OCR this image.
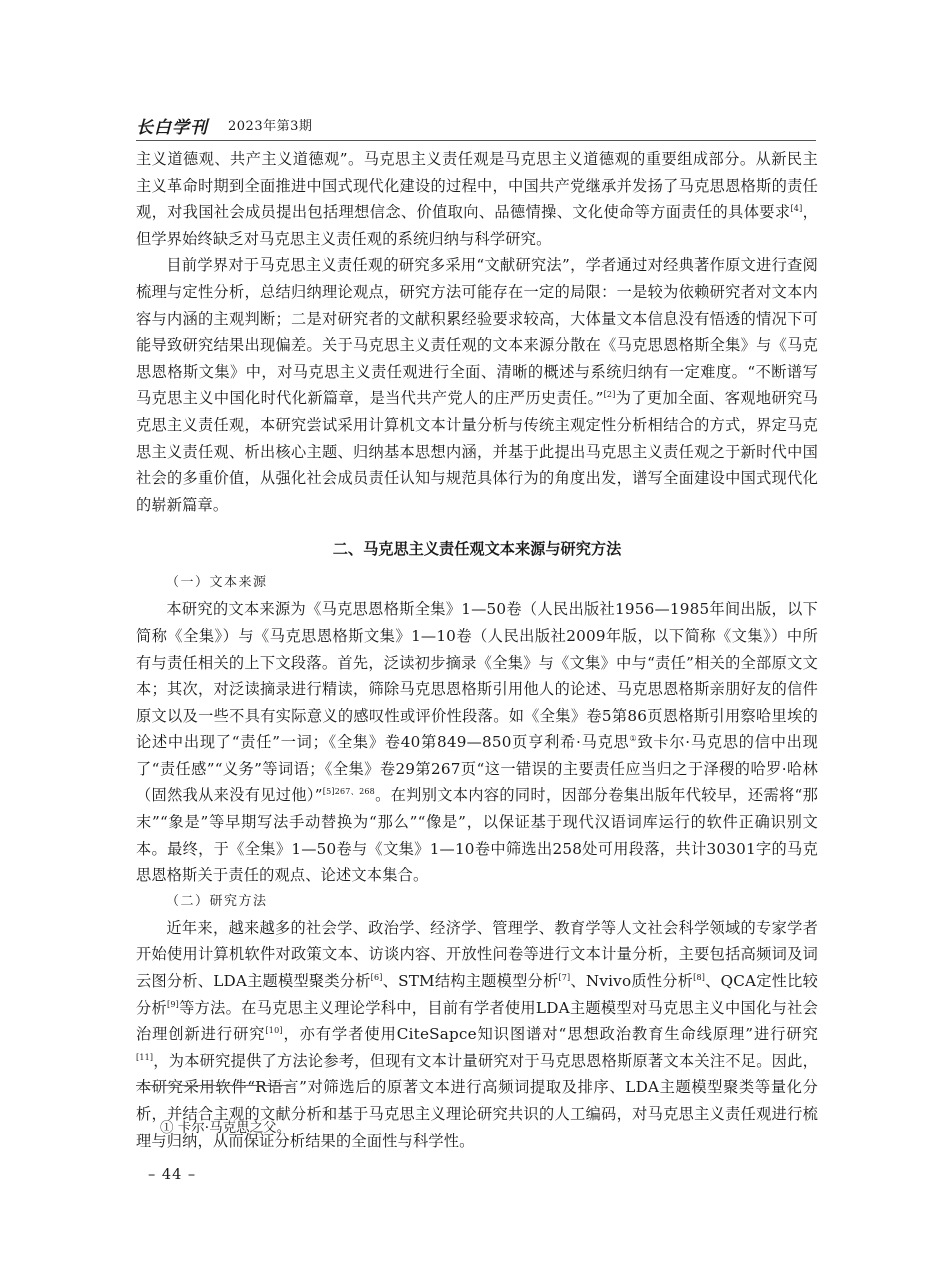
长白学刊 2023年第3期

主义道德观、共产主义道德观”。马克思主义责任观是马克思主义道德观的重要组成部分。从新民主主义革命时期到全面推进中国式现代化建设的过程中，中国共产党继承并发扬了马克思恩格斯的责任观，对我国社会成员提出包括理想信念、价值取向、品德情操、文化使命等方面责任的具体要求[4]，但学界始终缺乏对马克思主义责任观的系统归纳与科学研究。

目前学界对于马克思主义责任观的研究多采用“文献研究法”，学者通过对经典著作原文进行查阅梳理与定性分析，总结归纳理论观点，研究方法可能存在一定的局限：一是较为依赖研究者对文本内容与内涵的主观判断；二是对研究者的文献积累经验要求较高，大体量文本信息没有悟透的情况下可能导致研究结果出现偏差。关于马克思主义责任观的文本来源分散在《马克思恩格斯全集》与《马克思恩格斯文集》中，对马克思主义责任观进行全面、清晰的概述与系统归纳有一定难度。“不断谱写马克思主义中国化时代化新篇章，是当代共产党人的庄严历史责任。”[2]为了更加全面、客观地研究马克思主义责任观，本研究尝试采用计算机文本计量分析与传统主观定性分析相结合的方式，界定马克思主义责任观、析出核心主题、归纳基本思想内涵，并基于此提出马克思主义责任观之于新时代中国社会的多重价值，从强化社会成员责任认知与规范具体行为的角度出发，谱写全面建设中国式现代化的崭新篇章。

二、马克思主义责任观文本来源与研究方法
（一）文本来源

本研究的文本来源为《马克思恩格斯全集》1—50卷（人民出版社1956—1985年间出版，以下简称《全集》）与《马克思恩格斯文集》1—10卷（人民出版社2009年版，以下简称《文集》）中所有与责任相关的上下文段落。首先，泛读初步摘录《全集》与《文集》中与“责任”相关的全部原文文本；其次，对泛读摘录进行精读，筛除马克思恩格斯引用他人的论述、马克思恩格斯亲朋好友的信件原文以及一些不具有实际意义的感叹性或评价性段落。如《全集》卷5第86页恩格斯引用察哈里埃的论述中出现了“责任”一词；《全集》卷40第849—850页亨利希·马克思①致卡尔·马克思的信中出现了“责任感”“义务”等词语；《全集》卷29第267页“这一错误的主要责任应当归之于泽稷的哈罗·哈林（固然我从来没有见过他）”$^{[5]267、268}$。在判别文本内容的同时，因部分卷集出版年代较早，还需将“那末”“象是”等早期写法手动替换为“那么”“像是”，以保证基于现代汉语词库运行的软件正确识别文本。最终，于《全集》1—50卷与《文集》1—10卷中筛选出258处可用段落，共计30301字的马克思恩格斯关于责任的观点、论述文本集合。

（二）研究方法

近年来，越来越多的社会学、政治学、经济学、管理学、教育学等人文社会科学领域的专家学者开始使用计算机软件对政策文本、访谈内容、开放性问卷等进行文本计量分析，主要包括高频词及词云图分析、LDA主题模型聚类分析[6]、STM结构主题模型分析[7]、Nvivo质性分析[8]、QCA定性比较分析[9]等方法。在马克思主义理论学科中，目前有学者使用LDA主题模型对马克思主义中国化与社会治理创新进行研究[10]，亦有学者使用CiteSapce知识图谱对“思想政治教育生命线原理”进行研究[11]，为本研究提供了方法论参考，但现有文本计量研究对于马克思恩格斯原著文本关注不足。因此，本研究采用软件“R语言”对筛选后的原著文本进行高频词提取及排序、LDA主题模型聚类等量化分析，并结合主观的文献分析和基于马克思主义理论研究共识的人工编码，对马克思主义责任观进行梳理与归纳，从而保证分析结果的全面性与科学性。

① 卡尔·马克思之父。
– 44 –
